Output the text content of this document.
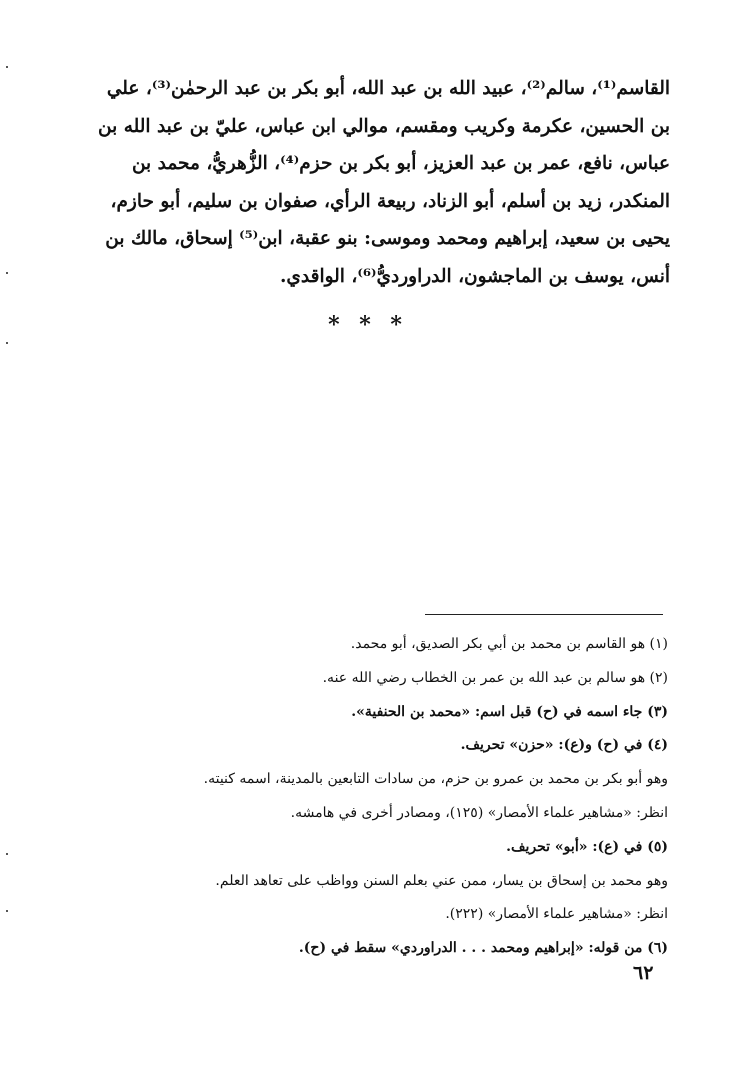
القاسم⁽¹⁾، سالم⁽²⁾، عبيد الله بن عبد الله، أبو بكر بن عبد الرحمٰن⁽³⁾، علي
بن الحسين، عكرمة وكريب ومقسم، موالي ابن عباس، عليّ بن عبد الله بن
عباس، نافع، عمر بن عبد العزيز، أبو بكر بن حزم⁽⁴⁾، الزُّهريُّ، محمد بن
المنكدر، زيد بن أسلم، أبو الزناد، ربيعة الرأي، صفوان بن سليم، أبو حازم،
يحيى بن سعيد، إبراهيم ومحمد وموسى: بنو عقبة، ابن⁽⁵⁾ إسحاق، مالك بن
أنس، يوسف بن الماجشون، الدراورديُّ⁽⁶⁾، الواقدي.
* * *
(١) هو القاسم بن محمد بن أبي بكر الصديق، أبو محمد.
(٢) هو سالم بن عبد الله بن عمر بن الخطاب رضي الله عنه.
(٣) جاء اسمه في (ح) قبل اسم: «محمد بن الحنفية».
(٤) في (ح) و(ع): «حزن» تحريف.
وهو أبو بكر بن محمد بن عمرو بن حزم، من سادات التابعين بالمدينة، اسمه كنيته.
انظر: «مشاهير علماء الأمصار» (١٢٥)، ومصادر أخرى في هامشه.
(٥) في (ع): «أبو» تحريف.
وهو محمد بن إسحاق بن يسار، ممن عني بعلم السنن وواظب على تعاهد العلم.
انظر: «مشاهير علماء الأمصار» (٢٢٢).
(٦) من قوله: «إبراهيم ومحمد . . . الدراوردي» سقط في (ح).
٦٢
